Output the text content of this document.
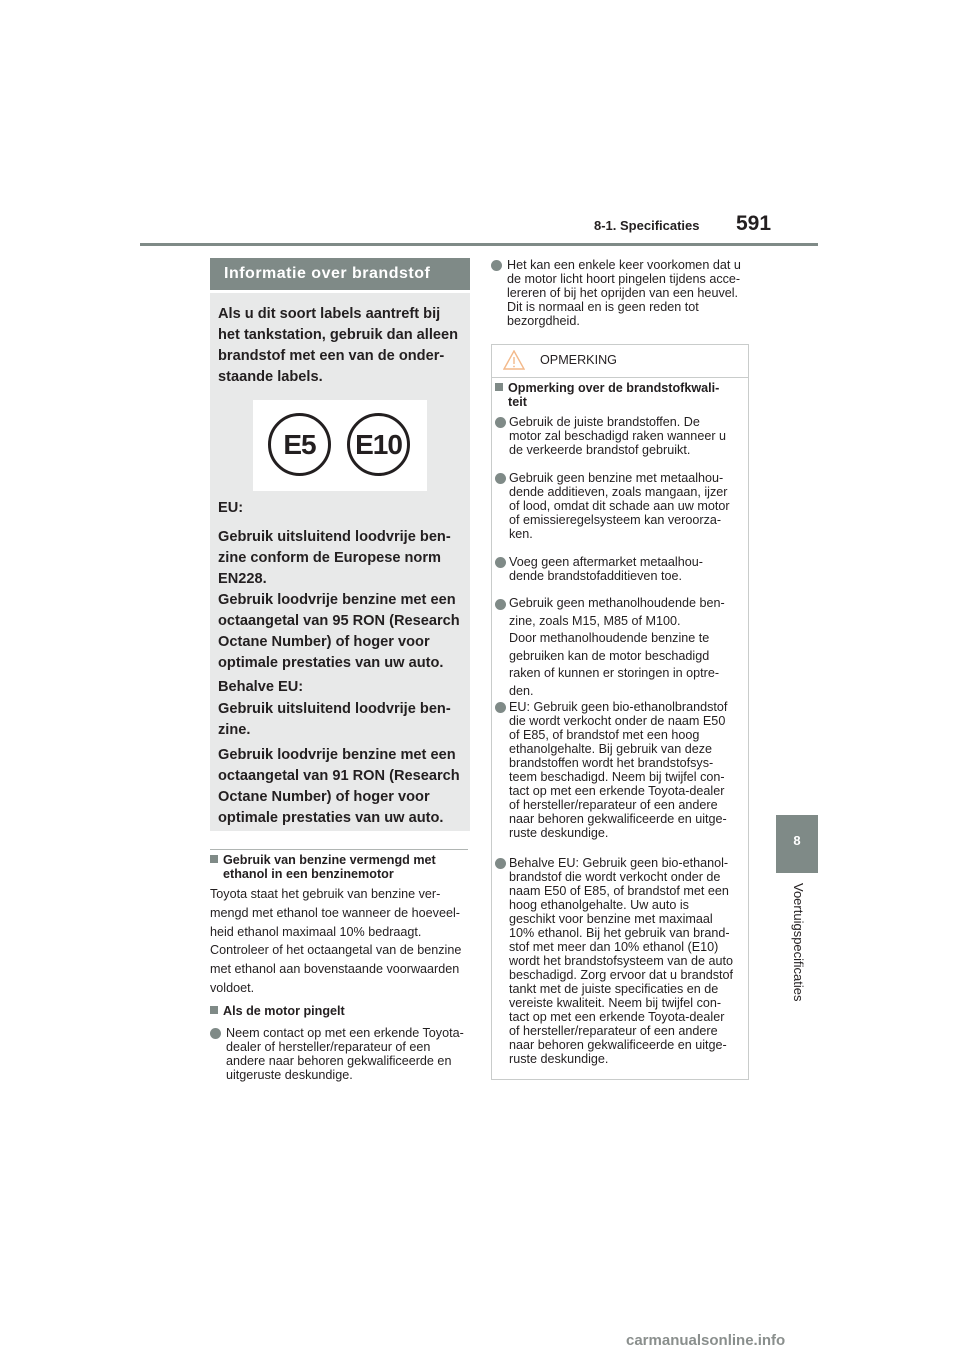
8-1. Specificaties 591
8
Voertuigspecificaties
Informatie over brandstof
Als u dit soort labels aantreft bij
het tankstation, gebruik dan alleen
brandstof met een van de onder-
staande labels.
E5	E10
EU:
Gebruik uitsluitend loodvrije ben-
zine conform de Europese norm
EN228.
Gebruik loodvrije benzine met een
octaangetal van 95 RON (Research
Octane Number) of hoger voor
optimale prestaties van uw auto.
Behalve EU:
Gebruik uitsluitend loodvrije ben-
zine.
Gebruik loodvrije benzine met een
octaangetal van 91 RON (Research
Octane Number) of hoger voor
optimale prestaties van uw auto.
Gebruik van benzine vermengd met
ethanol in een benzinemotor
Toyota staat het gebruik van benzine ver-
mengd met ethanol toe wanneer de hoeveel-
heid ethanol maximaal 10% bedraagt.
Controleer of het octaangetal van de benzine
met ethanol aan bovenstaande voorwaarden
voldoet.
Als de motor pingelt
Neem contact op met een erkende Toyota-
dealer of hersteller/reparateur of een
andere naar behoren gekwalificeerde en
uitgeruste deskundige.
Het kan een enkele keer voorkomen dat u
de motor licht hoort pingelen tijdens acce-
lereren of bij het oprijden van een heuvel.
Dit is normaal en is geen reden tot
bezorgdheid.
OPMERKING
Opmerking over de brandstofkwali-
teit
Gebruik de juiste brandstoffen. De
motor zal beschadigd raken wanneer u
de verkeerde brandstof gebruikt.
Gebruik geen benzine met metaalhou-
dende additieven, zoals mangaan, ijzer
of lood, omdat dit schade aan uw motor
of emissieregelsysteem kan veroorza-
ken.
Voeg geen aftermarket metaalhou-
dende brandstofadditieven toe.
Gebruik geen methanolhoudende ben-
zine, zoals M15, M85 of M100.
Door methanolhoudende benzine te
gebruiken kan de motor beschadigd
raken of kunnen er storingen in optre-
den.
EU: Gebruik geen bio-ethanolbrandstof
die wordt verkocht onder de naam E50
of E85, of brandstof met een hoog
ethanolgehalte. Bij gebruik van deze
brandstoffen wordt het brandstofsys-
teem beschadigd. Neem bij twijfel con-
tact op met een erkende Toyota-dealer
of hersteller/reparateur of een andere
naar behoren gekwalificeerde en uitge-
ruste deskundige.
Behalve EU: Gebruik geen bio-ethanol-
brandstof die wordt verkocht onder de
naam E50 of E85, of brandstof met een
hoog ethanolgehalte. Uw auto is
geschikt voor benzine met maximaal
10% ethanol. Bij het gebruik van brand-
stof met meer dan 10% ethanol (E10)
wordt het brandstofsysteem van de auto
beschadigd. Zorg ervoor dat u brandstof
tankt met de juiste specificaties en de
vereiste kwaliteit. Neem bij twijfel con-
tact op met een erkende Toyota-dealer
of hersteller/reparateur of een andere
naar behoren gekwalificeerde en uitge-
ruste deskundige.
carmanualsonline.info
